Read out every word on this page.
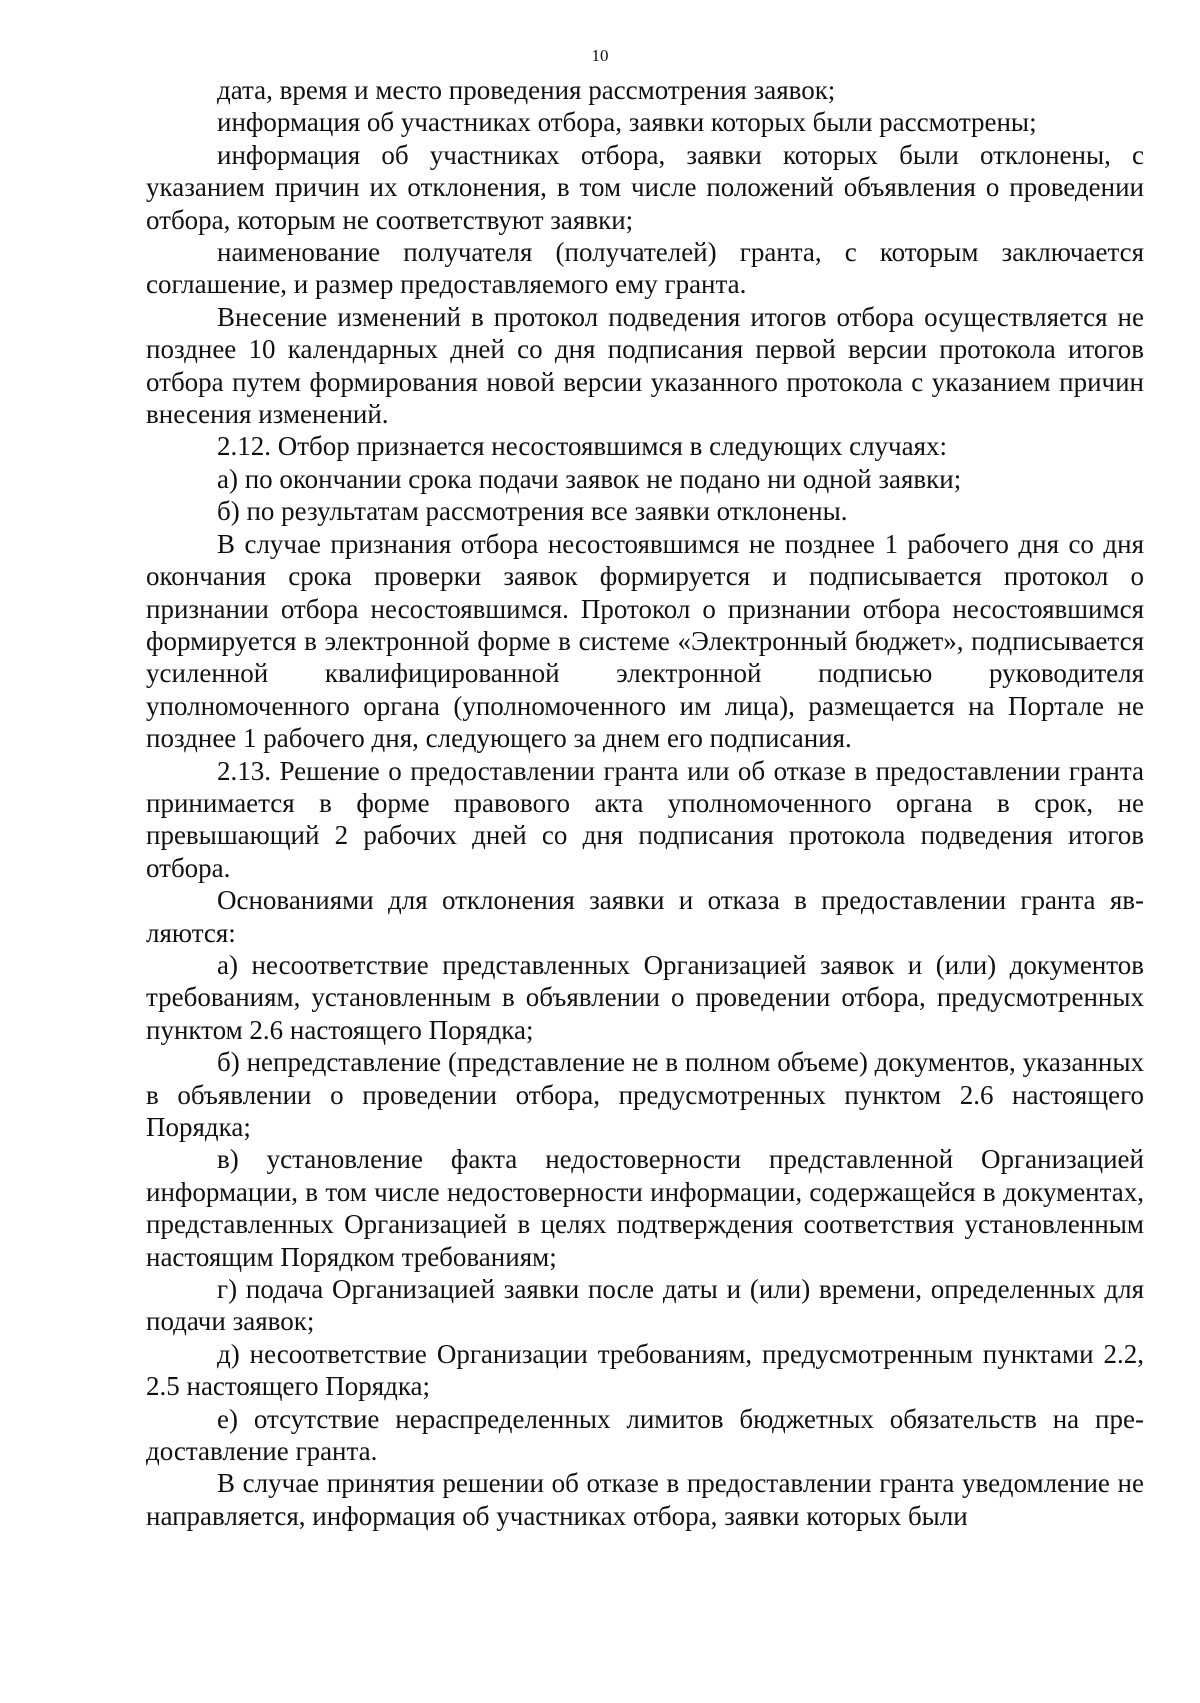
10

дата, время и место проведения рассмотрения заявок;

информация об участниках отбора, заявки которых были рассмотрены;

информация об участниках отбора, заявки которых были отклонены, с указанием причин их отклонения, в том числе положений объявления о проведении отбора, которым не соответствуют заявки;

наименование получателя (получателей) гранта, с которым заключается соглашение, и размер предоставляемого ему гранта.

Внесение изменений в протокол подведения итогов отбора осуществляется не позднее 10 календарных дней со дня подписания первой версии протокола итогов отбора путем формирования новой версии указанного протокола с указанием причин внесения изменений.

2.12. Отбор признается несостоявшимся в следующих случаях:

а) по окончании срока подачи заявок не подано ни одной заявки;

б) по результатам рассмотрения все заявки отклонены.

В случае признания отбора несостоявшимся не позднее 1 рабочего дня со дня окончания срока проверки заявок формируется и подписывается протокол о признании отбора несостоявшимся. Протокол о признании отбора несостоявшимся формируется в электронной форме в системе «Электронный бюджет», подписывается усиленной квалифицированной электронной подписью руководителя уполномоченного органа (уполномоченного им лица), размещается на Портале не позднее 1 рабочего дня, следующего за днем его подписания.

2.13. Решение о предоставлении гранта или об отказе в предоставлении гранта принимается в форме правового акта уполномоченного органа в срок, не превышающий 2 рабочих дней со дня подписания протокола подведения итогов отбора.

Основаниями для отклонения заявки и отказа в предоставлении гранта являются:

а) несоответствие представленных Организацией заявок и (или) документов требованиям, установленным в объявлении о проведении отбора, предусмотренных пунктом 2.6 настоящего Порядка;

б) непредставление (представление не в полном объеме) документов, указанных в объявлении о проведении отбора, предусмотренных пунктом 2.6 настоящего Порядка;

в) установление факта недостоверности представленной Организацией информации, в том числе недостоверности информации, содержащейся в документах, представленных Организацией в целях подтверждения соответствия установленным настоящим Порядком требованиям;

г) подача Организацией заявки после даты и (или) времени, определенных для подачи заявок;

д) несоответствие Организации требованиям, предусмотренным пунктами 2.2, 2.5 настоящего Порядка;

е) отсутствие нераспределенных лимитов бюджетных обязательств на предоставление гранта.

В случае принятия решении об отказе в предоставлении гранта уведомление не направляется, информация об участниках отбора, заявки которых были
